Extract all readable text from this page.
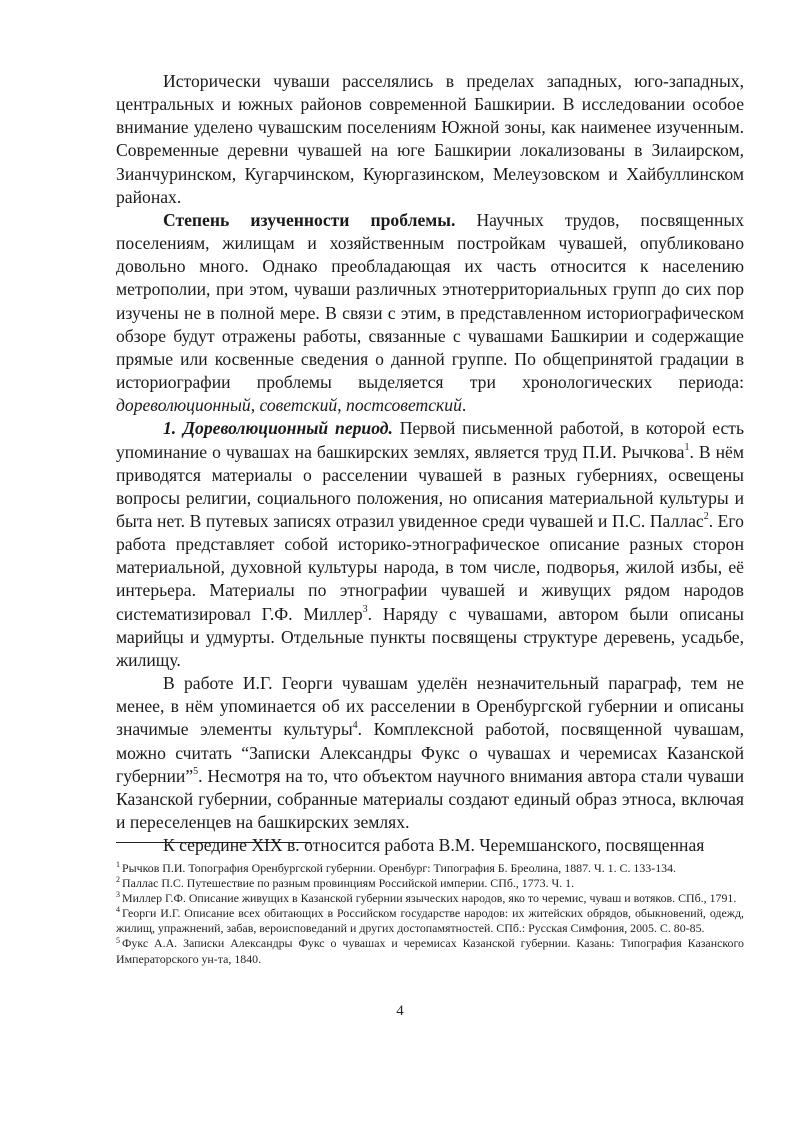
Исторически чуваши расселялись в пределах западных, юго-западных, центральных и южных районов современной Башкирии. В исследовании особое внимание уделено чувашским поселениям Южной зоны, как наименее изученным. Современные деревни чувашей на юге Башкирии локализованы в Зилаирском, Зианчуринском, Кугарчинском, Куюргазинском, Мелеузовском и Хайбуллинском районах.

Степень изученности проблемы. Научных трудов, посвященных поселениям, жилищам и хозяйственным постройкам чувашей, опубликовано довольно много. Однако преобладающая их часть относится к населению метрополии, при этом, чуваши различных этнотерриториальных групп до сих пор изучены не в полной мере. В связи с этим, в представленном историографическом обзоре будут отражены работы, связанные с чувашами Башкирии и содержащие прямые или косвенные сведения о данной группе. По общепринятой градации в историографии проблемы выделяется три хронологических периода: дореволюционный, советский, постсоветский.

1. Дореволюционный период. Первой письменной работой, в которой есть упоминание о чувашах на башкирских землях, является труд П.И. Рычкова$^1$. В нём приводятся материалы о расселении чувашей в разных губерниях, освещены вопросы религии, социального положения, но описания материальной культуры и быта нет. В путевых записях отразил увиденное среди чувашей и П.С. Паллас$^2$. Его работа представляет собой историко-этнографическое описание разных сторон материальной, духовной культуры народа, в том числе, подворья, жилой избы, её интерьера. Материалы по этнографии чувашей и живущих рядом народов систематизировал Г.Ф. Миллер$^3$. Наряду с чувашами, автором были описаны марийцы и удмурты. Отдельные пункты посвящены структуре деревень, усадьбе, жилищу.

В работе И.Г. Георги чувашам уделён незначительный параграф, тем не менее, в нём упоминается об их расселении в Оренбургской губернии и описаны значимые элементы культуры$^4$. Комплексной работой, посвященной чувашам, можно считать “Записки Александры Фукс о чувашах и черемисах Казанской губернии”$^5$. Несмотря на то, что объектом научного внимания автора стали чуваши Казанской губернии, собранные материалы создают единый образ этноса, включая и переселенцев на башкирских землях.

К середине XIX в. относится работа В.М. Черемшанского, посвященная

$^1$ Рычков П.И. Топография Оренбургской губернии. Оренбург: Типография Б. Бреолина, 1887. Ч. 1. С. 133-134.
$^2$ Паллас П.С. Путешествие по разным провинциям Российской империи. СПб., 1773. Ч. 1.
$^3$ Миллер Г.Ф. Описание живущих в Казанской губернии языческих народов, яко то черемис, чуваш и вотяков. СПб., 1791.
$^4$ Георги И.Г. Описание всех обитающих в Российском государстве народов: их житейских обрядов, обыкновений, одежд, жилищ, упражнений, забав, вероисповеданий и других достопамятностей. СПб.: Русская Симфония, 2005. С. 80-85.
$^5$ Фукс А.А. Записки Александры Фукс о чувашах и черемисах Казанской губернии. Казань: Типография Казанского Императорского ун-та, 1840.
4
